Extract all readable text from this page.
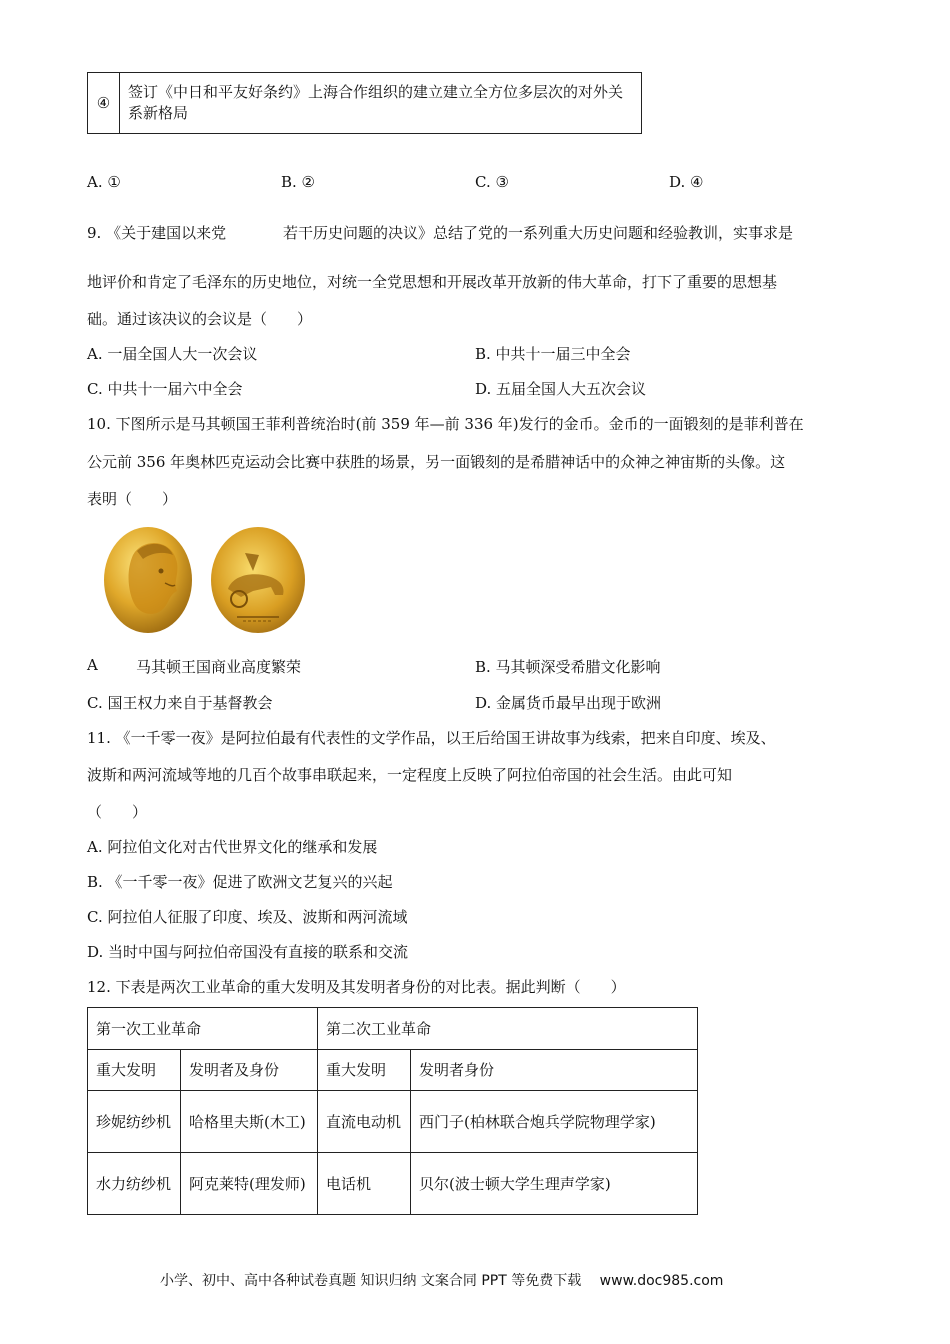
④	签订《中日和平友好条约》上海合作组织的建立建立全方位多层次的对外关系新格局
A. ①	B. ②	C. ③	D. ④
9. 《关于建国以来党	若干历史问题的决议》总结了党的一系列重大历史问题和经验教训，实事求是
地评价和肯定了毛泽东的历史地位，对统一全党思想和开展改革开放新的伟大革命，打下了重要的思想基
础。通过该决议的会议是（　　）
A. 一届全国人大一次会议	B. 中共十一届三中全会
C. 中共十一届六中全会	D. 五届全国人大五次会议
10. 下图所示是马其顿国王菲利普统治时(前 359 年—前 336 年)发行的金币。金币的一面锻刻的是菲利普在
公元前 356 年奥林匹克运动会比赛中获胜的场景，另一面锻刻的是希腊神话中的众神之神宙斯的头像。这
表明（　　）
A	马其顿王国商业高度繁荣	B. 马其顿深受希腊文化影响
C. 国王权力来自于基督教会	D. 金属货币最早出现于欧洲
11. 《一千零一夜》是阿拉伯最有代表性的文学作品，以王后给国王讲故事为线索，把来自印度、埃及、
波斯和两河流域等地的几百个故事串联起来，一定程度上反映了阿拉伯帝国的社会生活。由此可知
（　　）
A. 阿拉伯文化对古代世界文化的继承和发展
B. 《一千零一夜》促进了欧洲文艺复兴的兴起
C. 阿拉伯人征服了印度、埃及、波斯和两河流域
D. 当时中国与阿拉伯帝国没有直接的联系和交流
12. 下表是两次工业革命的重大发明及其发明者身份的对比表。据此判断（　　）
第一次工业革命		第二次工业革命	
重大发明	发明者及身份	重大发明	发明者身份
珍妮纺纱机	哈格里夫斯(木工)	直流电动机	西门子(柏林联合炮兵学院物理学家)
水力纺纱机	阿克莱特(理发师)	电话机	贝尔(波士顿大学生理声学家)
小学、初中、高中各种试卷真题 知识归纳 文案合同 PPT 等免费下载　 www.doc985.com
